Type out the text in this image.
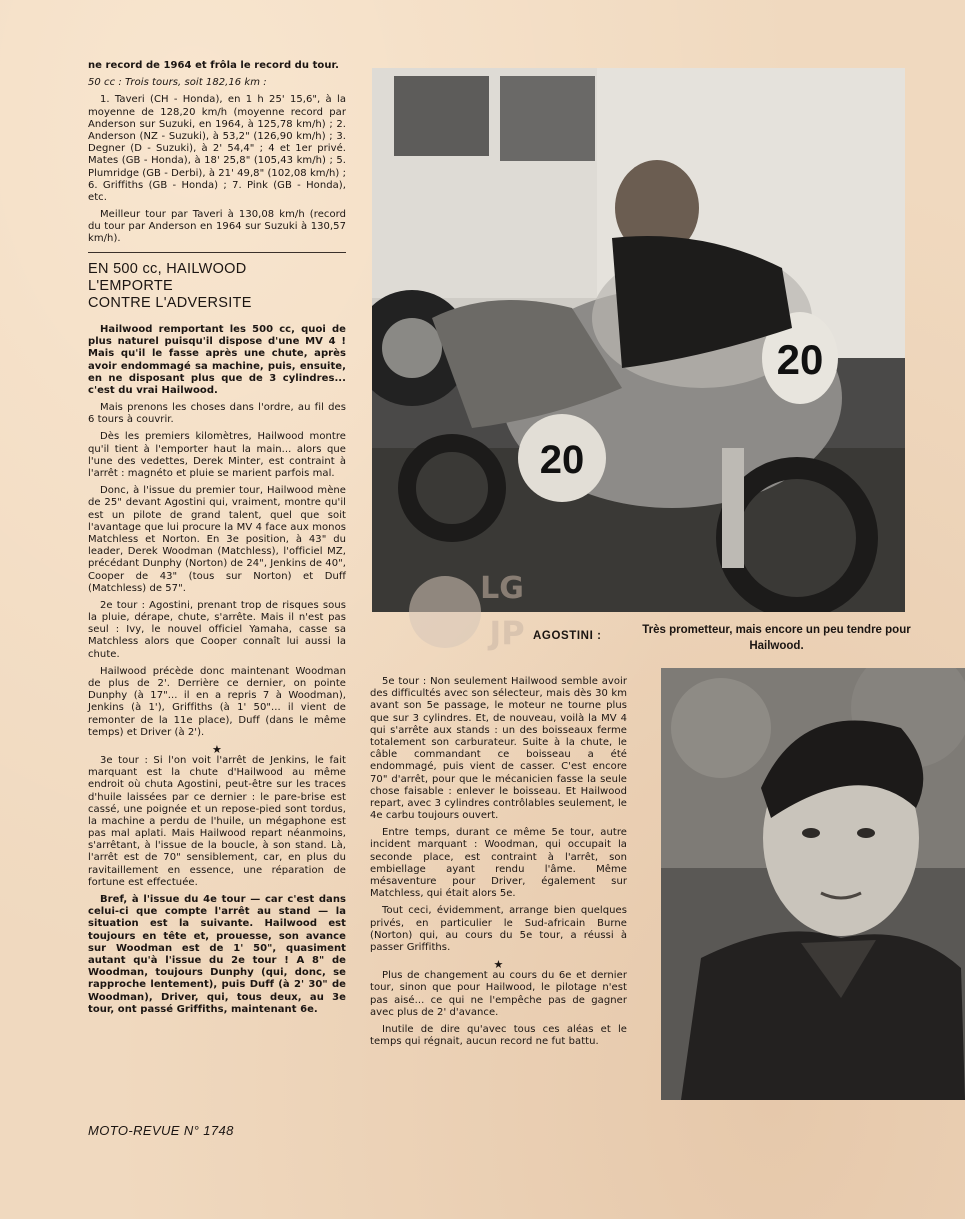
ne record de 1964 et frôla le record du tour.

50 cc : Trois tours, soit 182,16 km :

1. Taveri (CH - Honda), en 1 h 25' 15,6", à la moyenne de 128,20 km/h (moyenne record par Anderson sur Suzuki, en 1964, à 125,78 km/h) ; 2. Anderson (NZ - Suzuki), à 53,2" (126,90 km/h) ; 3. Degner (D - Suzuki), à 2' 54,4" ; 4 et 1er privé. Mates (GB - Honda), à 18' 25,8" (105,43 km/h) ; 5. Plumridge (GB - Derbi), à 21' 49,8" (102,08 km/h) ; 6. Griffiths (GB - Honda) ; 7. Pink (GB - Honda), etc.

Meilleur tour par Taveri à 130,08 km/h (record du tour par Anderson en 1964 sur Suzuki à 130,57 km/h).

EN 500 cc, HAILWOOD
L'EMPORTE
CONTRE L'ADVERSITE

Hailwood remportant les 500 cc, quoi de plus naturel puisqu'il dispose d'une MV 4 ! Mais qu'il le fasse après une chute, après avoir endommagé sa machine, puis, ensuite, en ne disposant plus que de 3 cylindres... c'est du vrai Hailwood.

Mais prenons les choses dans l'ordre, au fil des 6 tours à couvrir.

Dès les premiers kilomètres, Hailwood montre qu'il tient à l'emporter haut la main... alors que l'une des vedettes, Derek Minter, est contraint à l'arrêt : magnéto et pluie se marient parfois mal.

Donc, à l'issue du premier tour, Hailwood mène de 25" devant Agostini qui, vraiment, montre qu'il est un pilote de grand talent, quel que soit l'avantage que lui procure la MV 4 face aux monos Matchless et Norton. En 3e position, à 43" du leader, Derek Woodman (Matchless), l'officiel MZ, précédant Dunphy (Norton) de 24", Jenkins de 40", Cooper de 43" (tous sur Norton) et Duff (Matchless) de 57".

2e tour : Agostini, prenant trop de risques sous la pluie, dérape, chute, s'arrête. Mais il n'est pas seul : Ivy, le nouvel officiel Yamaha, casse sa Matchless alors que Cooper connaît lui aussi la chute.

Hailwood précède donc maintenant Woodman de plus de 2'. Derrière ce dernier, on pointe Dunphy (à 17"... il en a repris 7 à Woodman), Jenkins (à 1'), Griffiths (à 1' 50"... il vient de remonter de la 11e place), Duff (dans le même temps) et Driver (à 2').

★

3e tour : Si l'on voit l'arrêt de Jenkins, le fait marquant est la chute d'Hailwood au même endroit où chuta Agostini, peut-être sur les traces d'huile laissées par ce dernier : le pare-brise est cassé, une poignée et un repose-pied sont tordus, la machine a perdu de l'huile, un mégaphone est pas mal aplati. Mais Hailwood repart néanmoins, s'arrêtant, à l'issue de la boucle, à son stand. Là, l'arrêt est de 70" sensiblement, car, en plus du ravitaillement en essence, une réparation de fortune est effectuée.

Bref, à l'issue du 4e tour — car c'est dans celui-ci que compte l'arrêt au stand — la situation est la suivante. Hailwood est toujours en tête et, prouesse, son avance sur Woodman est de 1' 50", quasiment autant qu'à l'issue du 2e tour ! A 8" de Woodman, toujours Dunphy (qui, donc, se rapproche lentement), puis Duff (à 2' 30" de Woodman), Driver, qui, tous deux, au 3e tour, ont passé Griffiths, maintenant 6e.

20
20
AGOSTINI :	Très prometteur, mais encore un peu tendre pour Hailwood.
LG
JP

5e tour : Non seulement Hailwood semble avoir des difficultés avec son sélecteur, mais dès 30 km avant son 5e passage, le moteur ne tourne plus que sur 3 cylindres. Et, de nouveau, voilà la MV 4 qui s'arrête aux stands : un des boisseaux ferme totalement son carburateur. Suite à la chute, le câble commandant ce boisseau a été endommagé, puis vient de casser. C'est encore 70" d'arrêt, pour que le mécanicien fasse la seule chose faisable : enlever le boisseau. Et Hailwood repart, avec 3 cylindres contrôlables seulement, le 4e carbu toujours ouvert.

Entre temps, durant ce même 5e tour, autre incident marquant : Woodman, qui occupait la seconde place, est contraint à l'arrêt, son embiellage ayant rendu l'âme. Même mésaventure pour Driver, également sur Matchless, qui était alors 5e.

Tout ceci, évidemment, arrange bien quelques privés, en particulier le Sud-africain Burne (Norton) qui, au cours du 5e tour, a réussi à passer Griffiths.

★

Plus de changement au cours du 6e et dernier tour, sinon que pour Hailwood, le pilotage n'est pas aisé... ce qui ne l'empêche pas de gagner avec plus de 2' d'avance.

Inutile de dire qu'avec tous ces aléas et le temps qui régnait, aucun record ne fut battu.

MOTO-REVUE N° 1748
